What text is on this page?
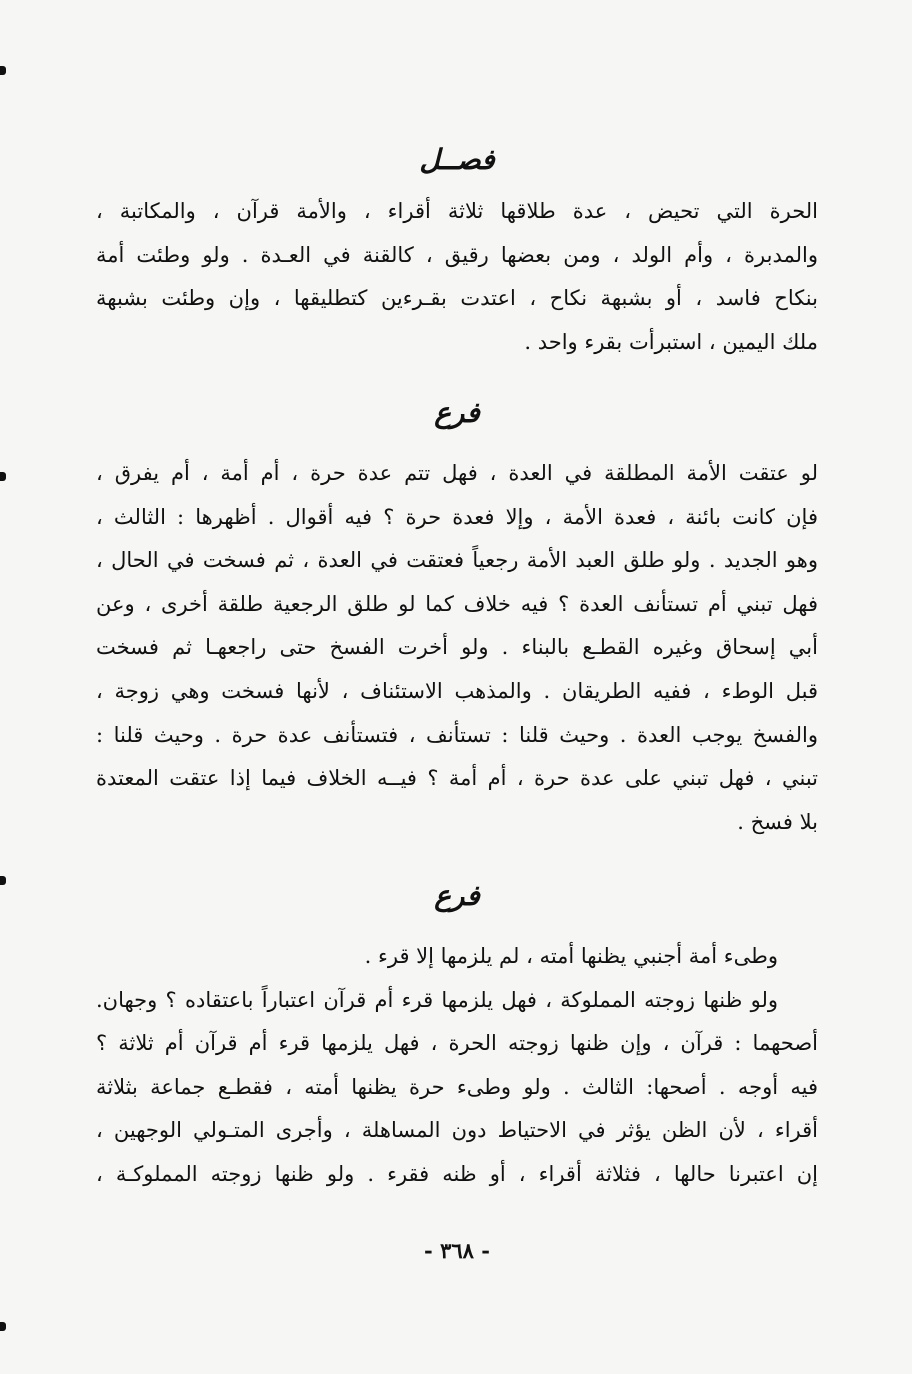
فصــل
الحرة التي تحيض ، عدة طلاقها ثلاثة أقراء ، والأمة قرآن ، والمكاتبة ،
والمدبرة ، وأم الولد ، ومن بعضها رقيق ، كالقنة في العـدة . ولو وطئت أمة
بنكاح فاسد ، أو بشبهة نكاح ، اعتدت بقـرءين كتطليقها ، وإن وطئت بشبهة
ملك اليمين ، استبرأت بقرء واحد .
فرع
لو عتقت الأمة المطلقة في العدة ، فهل تتم عدة حرة ، أم أمة ، أم يفرق ،
فإن كانت بائنة ، فعدة الأمة ، وإلا فعدة حرة ؟ فيه أقوال . أظهرها : الثالث ،
وهو الجديد . ولو طلق العبد الأمة رجعياً فعتقت في العدة ، ثم فسخت في الحال ،
فهل تبني أم تستأنف العدة ؟ فيه خلاف كما لو طلق الرجعية طلقة أخرى ، وعن
أبي إسحاق وغيره القطـع بالبناء . ولو أخرت الفسخ حتى راجعهـا ثم فسخت
قبل الوطء ، ففيه الطريقان . والمذهب الاستئناف ، لأنها فسخت وهي زوجة ،
والفسخ يوجب العدة . وحيث قلنا : تستأنف ، فتستأنف عدة حرة . وحيث قلنا :
تبني ، فهل تبني على عدة حرة ، أم أمة ؟ فيــه الخلاف فيما إذا عتقت المعتدة
بلا فسخ .
فرع
وطىء أمة أجنبي يظنها أمته ، لم يلزمها إلا قرء .
ولو ظنها زوجته المملوكة ، فهل يلزمها قرء أم قرآن اعتباراً باعتقاده ؟ وجهان.
أصحهما : قرآن ، وإن ظنها زوجته الحرة ، فهل يلزمها قرء أم قرآن أم ثلاثة ؟
فيه أوجه . أصحها: الثالث . ولو وطىء حرة يظنها أمته ، فقطـع جماعة بثلاثة
أقراء ، لأن الظن يؤثر في الاحتياط دون المساهلة ، وأجرى المتـولي الوجهين ،
إن اعتبرنا حالها ، فثلاثة أقراء ، أو ظنه فقرء . ولو ظنها زوجته المملوكـة ،
- ٣٦٨ -
